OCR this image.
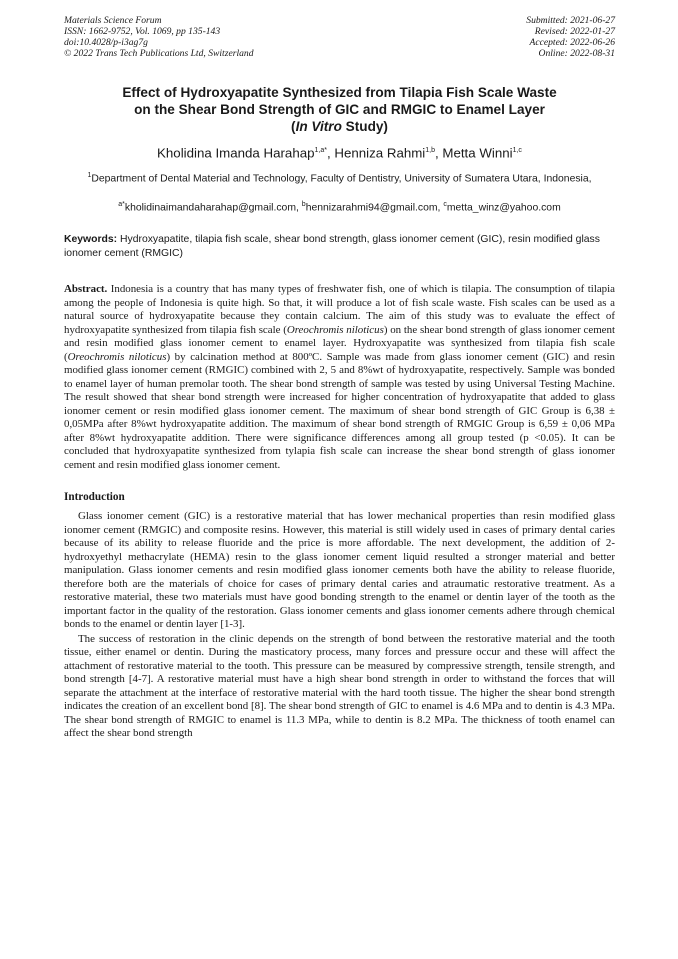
Materials Science Forum
ISSN: 1662-9752, Vol. 1069, pp 135-143
doi:10.4028/p-i3ag7g
© 2022 Trans Tech Publications Ltd, Switzerland
Submitted: 2021-06-27
Revised: 2022-01-27
Accepted: 2022-06-26
Online: 2022-08-31
Effect of Hydroxyapatite Synthesized from Tilapia Fish Scale Waste
on the Shear Bond Strength of GIC and RMGIC to Enamel Layer
(In Vitro Study)
Kholidina Imanda Harahap$^{1,a*}$, Henniza Rahmi$^{1,b}$, Metta Winni$^{1,c}$
$^1$Department of Dental Material and Technology, Faculty of Dentistry, University of Sumatera Utara, Indonesia,
$^{a*}$kholidinaimandaharahap@gmail.com, $^b$hennizarahmi94@gmail.com, $^c$metta_winz@yahoo.com
Keywords: Hydroxyapatite, tilapia fish scale, shear bond strength, glass ionomer cement (GIC), resin modified glass ionomer cement (RMGIC)
Abstract. Indonesia is a country that has many types of freshwater fish, one of which is tilapia. The consumption of tilapia among the people of Indonesia is quite high. So that, it will produce a lot of fish scale waste. Fish scales can be used as a natural source of hydroxyapatite because they contain calcium. The aim of this study was to evaluate the effect of hydroxyapatite synthesized from tilapia fish scale (Oreochromis niloticus) on the shear bond strength of glass ionomer cement and resin modified glass ionomer cement to enamel layer. Hydroxyapatite was synthesized from tilapia fish scale (Oreochromis niloticus) by calcination method at 800ºC. Sample was made from glass ionomer cement (GIC) and resin modified glass ionomer cement (RMGIC) combined with 2, 5 and 8%wt of hydroxyapatite, respectively. Sample was bonded to enamel layer of human premolar tooth. The shear bond strength of sample was tested by using Universal Testing Machine. The result showed that shear bond strength were increased for higher concentration of hydroxyapatite that added to glass ionomer cement or resin modified glass ionomer cement. The maximum of shear bond strength of GIC Group is 6,38 ± 0,05MPa after 8%wt hydroxyapatite addition. The maximum of shear bond strength of RMGIC Group is 6,59 ± 0,06 MPa after 8%wt hydroxyapatite addition. There were significance differences among all group tested (p <0.05). It can be concluded that hydroxyapatite synthesized from tylapia fish scale can increase the shear bond strength of glass ionomer cement and resin modified glass ionomer cement.
Introduction
Glass ionomer cement (GIC) is a restorative material that has lower mechanical properties than resin modified glass ionomer cement (RMGIC) and composite resins. However, this material is still widely used in cases of primary dental caries because of its ability to release fluoride and the price is more affordable. The next development, the addition of 2-hydroxyethyl methacrylate (HEMA) resin to the glass ionomer cement liquid resulted a stronger material and better manipulation. Glass ionomer cements and resin modified glass ionomer cements both have the ability to release fluoride, therefore both are the materials of choice for cases of primary dental caries and atraumatic restorative treatment. As a restorative material, these two materials must have good bonding strength to the enamel or dentin layer of the tooth as the important factor in the quality of the restoration. Glass ionomer cements and glass ionomer cements adhere through chemical bonds to the enamel or dentin layer [1-3].
The success of restoration in the clinic depends on the strength of bond between the restorative material and the tooth tissue, either enamel or dentin. During the masticatory process, many forces and pressure occur and these will affect the attachment of restorative material to the tooth. This pressure can be measured by compressive strength, tensile strength, and bond strength [4-7]. A restorative material must have a high shear bond strength in order to withstand the forces that will separate the attachment at the interface of restorative material with the hard tooth tissue. The higher the shear bond strength indicates the creation of an excellent bond [8]. The shear bond strength of GIC to enamel is 4.6 MPa and to dentin is 4.3 MPa. The shear bond strength of RMGIC to enamel is 11.3 MPa, while to dentin is 8.2 MPa. The thickness of tooth enamel can affect the shear bond strength
